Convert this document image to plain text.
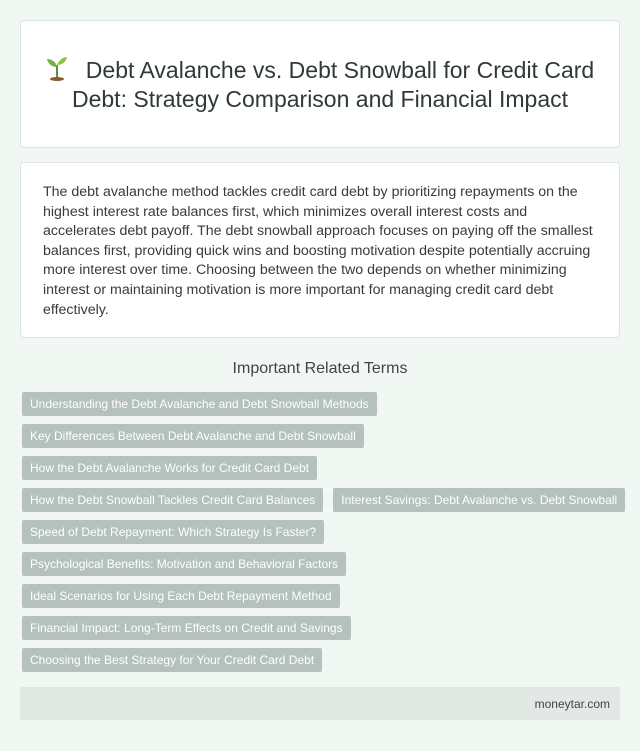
Debt Avalanche vs. Debt Snowball for Credit Card Debt: Strategy Comparison and Financial Impact

The debt avalanche method tackles credit card debt by prioritizing repayments on the highest interest rate balances first, which minimizes overall interest costs and accelerates debt payoff. The debt snowball approach focuses on paying off the smallest balances first, providing quick wins and boosting motivation despite potentially accruing more interest over time. Choosing between the two depends on whether minimizing interest or maintaining motivation is more important for managing credit card debt effectively.

Important Related Terms
Understanding the Debt Avalanche and Debt Snowball Methods
Key Differences Between Debt Avalanche and Debt Snowball
How the Debt Avalanche Works for Credit Card Debt
How the Debt Snowball Tackles Credit Card Balances	Interest Savings: Debt Avalanche vs. Debt Snowball
Speed of Debt Repayment: Which Strategy Is Faster?
Psychological Benefits: Motivation and Behavioral Factors
Ideal Scenarios for Using Each Debt Repayment Method
Financial Impact: Long-Term Effects on Credit and Savings
Choosing the Best Strategy for Your Credit Card Debt
moneytar.com
